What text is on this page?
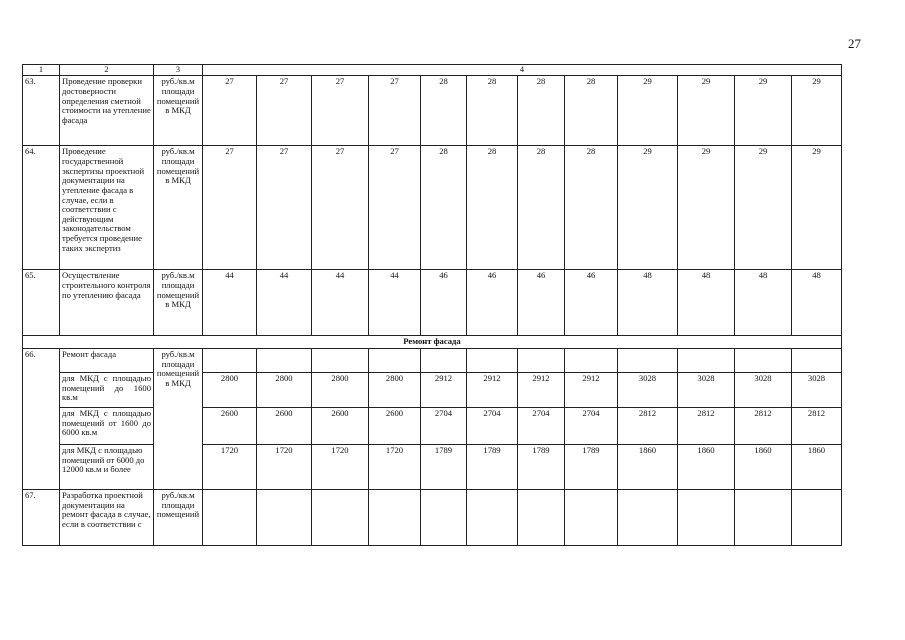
27
1	2	3	4											
63.	Проведение проверки достоверности определения сметной стоимости на утепление фасада	руб./кв.м площади помещений в МКД	27	27	27	27	28	28	28	28	29	29	29	29
64.	Проведение государственной экспертизы проектной документации на утепление фасада в случае, если в соответствии с действующим законодательством требуется проведение таких экспертиз	руб./кв.м площади помещений в МКД	27	27	27	27	28	28	28	28	29	29	29	29
65.	Осуществление строительного контроля по утеплению фасада	руб./кв.м площади помещений в МКД	44	44	44	44	46	46	46	46	48	48	48	48
Ремонт фасада														
66.	Ремонт фасада	руб./кв.м площади помещений в МКД												
	для МКД с площадью помещений до 1600 кв.м		2800	2800	2800	2800	2912	2912	2912	2912	3028	3028	3028	3028
	для МКД с площадью помещений от 1600 до 6000 кв.м		2600	2600	2600	2600	2704	2704	2704	2704	2812	2812	2812	2812
	для МКД с площадью помещений от 6000 до 12000 кв.м и более		1720	1720	1720	1720	1789	1789	1789	1789	1860	1860	1860	1860
67.	Разработка проектной документации на ремонт фасада в случае, если в соответствии с	руб./кв.м площади помещений												
